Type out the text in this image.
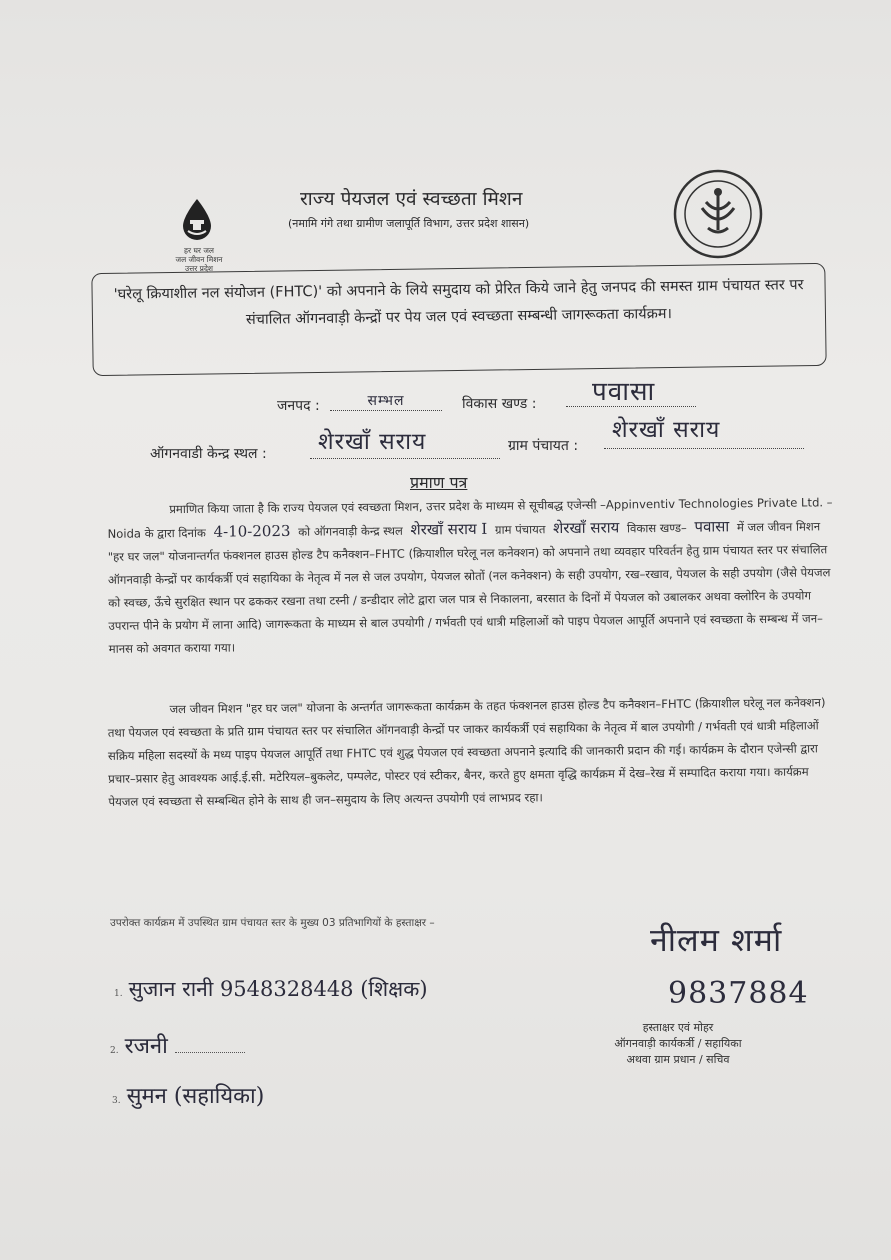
हर घर जल
जल जीवन मिशन
उत्तर प्रदेश
राज्य पेयजल एवं स्वच्छता मिशन
(नमामि गंगे तथा ग्रामीण जलापूर्ति विभाग, उत्तर प्रदेश शासन)
'घरेलू क्रियाशील नल संयोजन (FHTC)' को अपनाने के लिये समुदाय को प्रेरित किये जाने हेतु जनपद की समस्त ग्राम पंचायत स्तर पर संचालित ऑगनवाड़ी केन्द्रों पर पेय जल एवं स्वच्छता सम्बन्धी जागरूकता कार्यक्रम।
जनपद :	सम्भल	विकास खण्ड :	पवासा
ऑगनवाडी केन्द्र स्थल :	शेरखाँ सराय	ग्राम पंचायत :
शेरखाँ सराय
प्रमाण पत्र
प्रमाणित किया जाता है कि राज्य पेयजल एवं स्वच्छता मिशन, उत्तर प्रदेश के माध्यम से सूचीबद्ध एजेन्सी –Appinventiv Technologies Private Ltd. – Noida के द्वारा दिनांक 4-10-2023 को ऑगनवाड़ी केन्द्र स्थल शेरखाँ सराय I ग्राम पंचायत शेरखाँ सराय विकास खण्ड– पवासा में जल जीवन मिशन "हर घर जल" योजनान्तर्गत फंक्शनल हाउस होल्ड टैप कनैक्शन–FHTC (क्रियाशील घरेलू नल कनेक्शन) को अपनाने तथा व्यवहार परिवर्तन हेतु ग्राम पंचायत स्तर पर संचालित ऑगनवाड़ी केन्द्रों पर कार्यकर्त्री एवं सहायिका के नेतृत्व में नल से जल उपयोग, पेयजल स्रोतों (नल कनेक्शन) के सही उपयोग, रख–रखाव, पेयजल के सही उपयोग (जैसे पेयजल को स्वच्छ, ऊँचे सुरक्षित स्थान पर ढककर रखना तथा टस्नी / डन्डीदार लोटे द्वारा जल पात्र से निकालना, बरसात के दिनों में पेयजल को उबालकर अथवा क्लोरिन के उपयोग उपरान्त पीने के प्रयोग में लाना आदि) जागरूकता के माध्यम से बाल उपयोगी / गर्भवती एवं धात्री महिलाओं को पाइप पेयजल आपूर्ति अपनाने एवं स्वच्छता के सम्बन्ध में जन–मानस को अवगत कराया गया।
जल जीवन मिशन "हर घर जल" योजना के अन्तर्गत जागरूकता कार्यक्रम के तहत फंक्शनल हाउस होल्ड टैप कनैक्शन–FHTC (क्रियाशील घरेलू नल कनेक्शन) तथा पेयजल एवं स्वच्छता के प्रति ग्राम पंचायत स्तर पर संचालित ऑगनवाड़ी केन्द्रों पर जाकर कार्यकर्त्री एवं सहायिका के नेतृत्व में बाल उपयोगी / गर्भवती एवं धात्री महिलाओं सक्रिय महिला सदस्यों के मध्य पाइप पेयजल आपूर्ति तथा FHTC एवं शुद्ध पेयजल एवं स्वच्छता अपनाने इत्यादि की जानकारी प्रदान की गई। कार्यक्रम के दौरान एजेन्सी द्वारा प्रचार–प्रसार हेतु आवश्यक आई.ई.सी. मटेरियल–बुकलेट, पम्पलेट, पोस्टर एवं स्टीकर, बैनर, करते हुए क्षमता वृद्धि कार्यक्रम में देख–रेख में सम्पादित कराया गया। कार्यक्रम पेयजल एवं स्वच्छता से सम्बन्धित होने के साथ ही जन–समुदाय के लिए अत्यन्त उपयोगी एवं लाभप्रद रहा।
उपरोक्त कार्यक्रम में उपस्थित ग्राम पंचायत स्तर के मुख्य 03 प्रतिभागियों के हस्ताक्षर –
1. सुजान रानी 9548328448 (शिक्षक)
2. रजनी
3. सुमन (सहायिका)
नीलम शर्मा
9837884
हस्ताक्षर एवं मोहर
ऑगनवाड़ी कार्यकर्त्री / सहायिका
अथवा ग्राम प्रधान / सचिव
